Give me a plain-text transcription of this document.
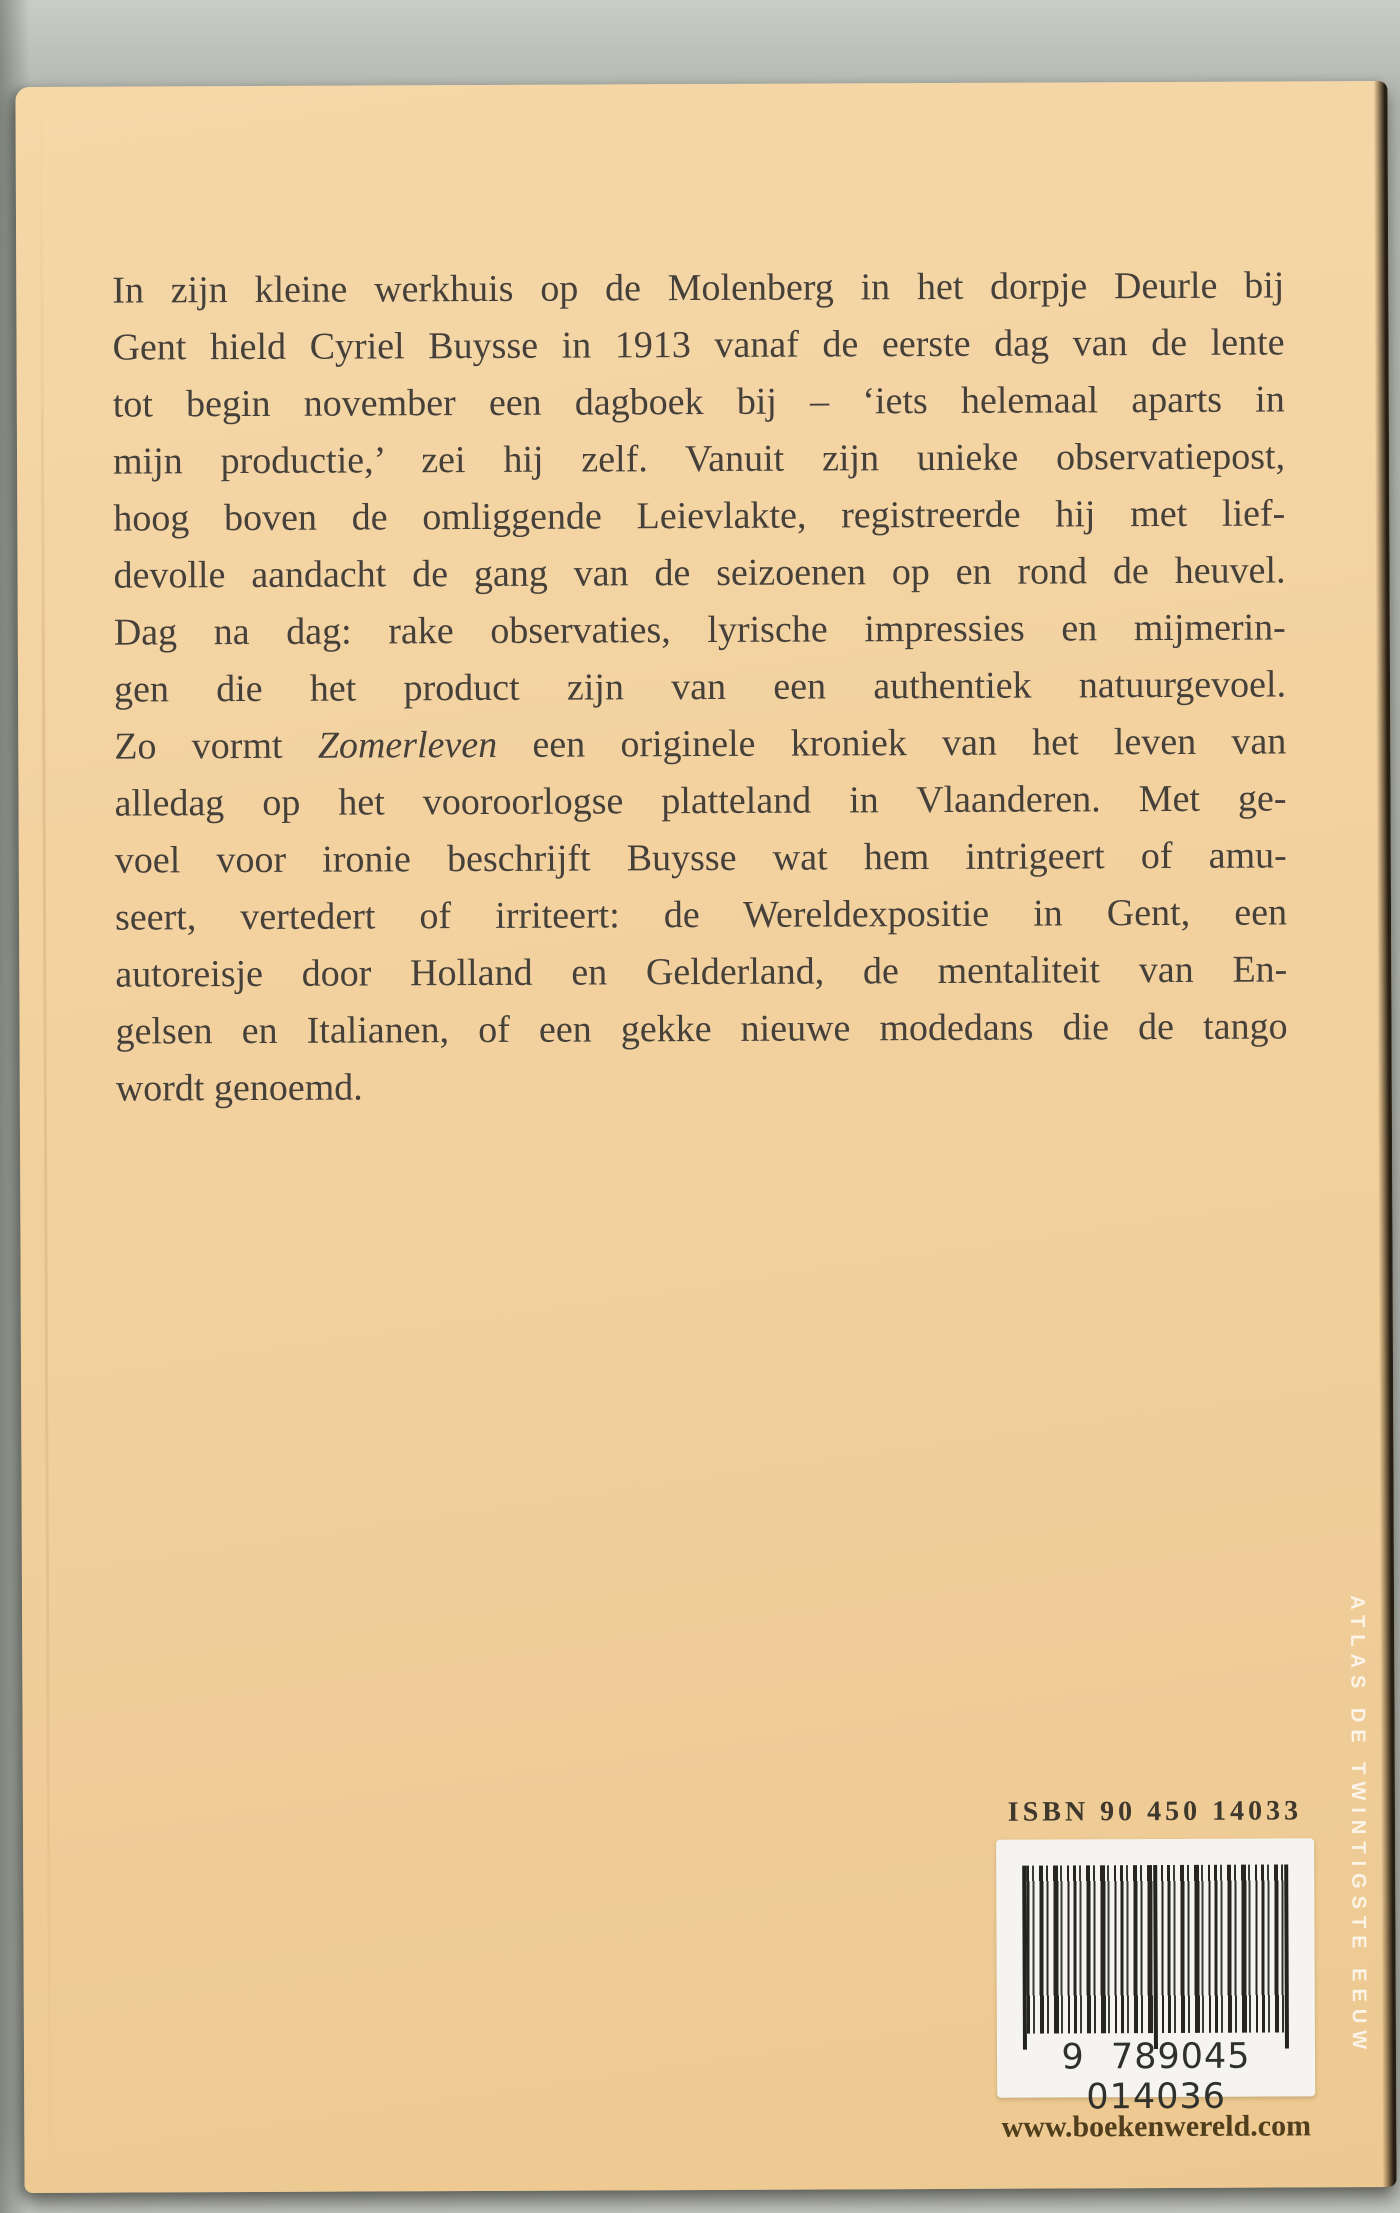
In zijn kleine werkhuis op de Molenberg in het dorpje Deurle bij
Gent hield Cyriel Buysse in 1913 vanaf de eerste dag van de lente
tot begin november een dagboek bij – ‘iets helemaal aparts in
mijn productie,’ zei hij zelf. Vanuit zijn unieke observatiepost,
hoog boven de omliggende Leievlakte, registreerde hij met lief-
devolle aandacht de gang van de seizoenen op en rond de heuvel.
Dag na dag: rake observaties, lyrische impressies en mijmerin-
gen die het product zijn van een authentiek natuurgevoel.
Zo vormt Zomerleven een originele kroniek van het leven van
alledag op het vooroorlogse platteland in Vlaanderen. Met ge-
voel voor ironie beschrijft Buysse wat hem intrigeert of amu-
seert, vertedert of irriteert: de Wereldexpositie in Gent, een
autoreisje door Holland en Gelderland, de mentaliteit van En-
gelsen en Italianen, of een gekke nieuwe modedans die de tango
wordt genoemd.
ISBN 90 450 14033
9 789045 014036
www.boekenwereld.com
ATLAS DE TWINTIGSTE EEUW
